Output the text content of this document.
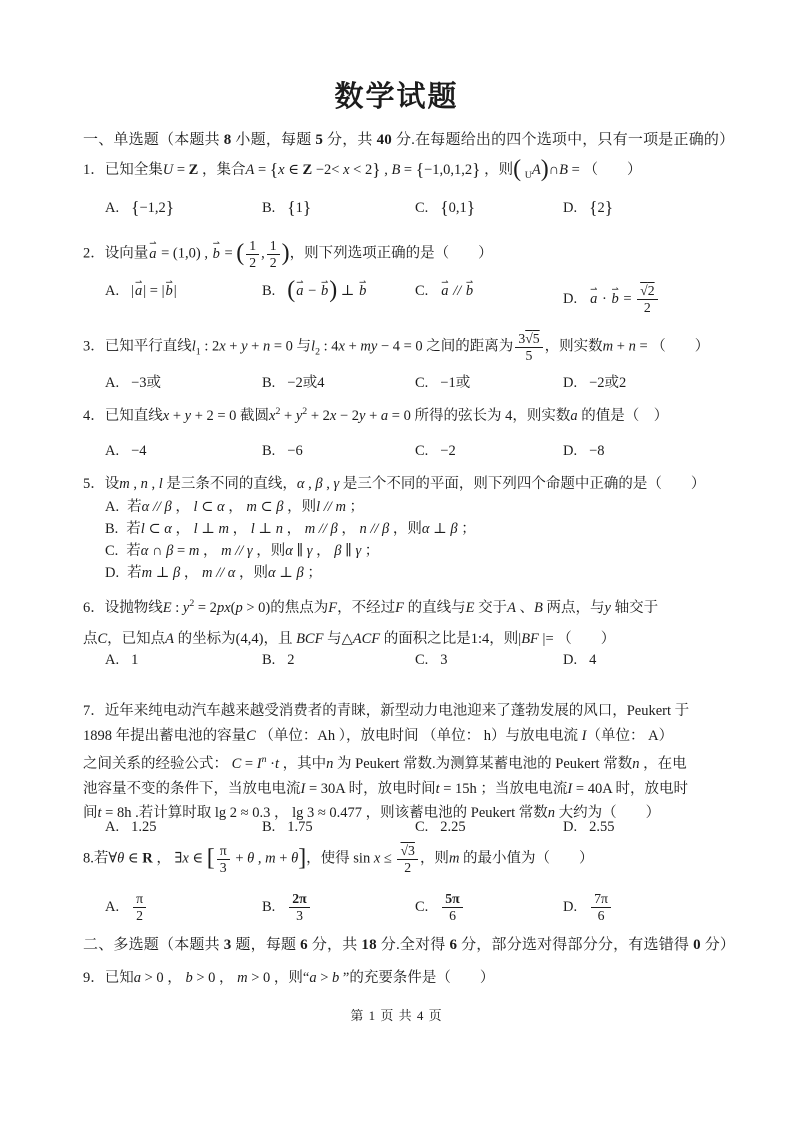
数学试题
一、单选题（本题共 8 小题，每题 5 分，共 40 分.在每题给出的四个选项中，只有一项是正确的）
1．已知全集U = Z ，集合A = {x ∈ Z −2< x < 2} , B = {−1,0,1,2} ，则( $_U$A)∩B = （　　）
A. {−1,2}	B. {1}	C. {0,1}	D. {2}
2．设向量⇀ a = (1,0) , ⇀ b = ( $\frac{1}{2}$ , $\frac{1}{2}$ )，则下列选项正确的是（　　）
A. |⇀ a| = |⇀ b|	B. (⇀ a − ⇀ b) ⊥ ⇀ b	C. ⇀ a // ⇀ b	D. ⇀ a · ⇀ b = √ $\frac{2}{2}$
3．已知平行直线$l_1$ : 2x + y + n = 0 与$l_2$ : 4x + my − 4 = 0 之间的距离为 $\frac{3 √ 5}{5}$ ，则实数m + n = （　　）
A. −3或	B. −2或4	C. −1或	D. −2或2
4．已知直线x + y + 2 = 0 截圆$x^2 + y^2 + 2x - 2y + a = 0$ 所得的弦长为 4，则实数a 的值是（　）
A. −4	B. −6	C. −2	D. −8
5．设m , n , l 是三条不同的直线，α , β , γ 是三个不同的平面，则下列四个命题中正确的是（　　）
A. 若α // β ， l ⊂ α ， m ⊂ β ，则l // m ；
B. 若l ⊂ α ， l ⊥ m ， l ⊥ n ， m // β ， n // β ，则α ⊥ β ；
C. 若α ∩ β = m ， m // γ ，则α ∥ γ ， β ∥ γ ；
D. 若m ⊥ β ， m // α ，则α ⊥ β ；
6．设抛物线E : $y^2 = 2px(p > 0)$的焦点为F，不经过F 的直线与E 交于A 、B 两点，与y 轴交于
点C，已知点A 的坐标为(4,4)，且 BCF 与△ACF 的面积之比是1:4，则|BF |= （　　）
A. 1	B. 2	C. 3	D. 4
7．近年来纯电动汽车越来越受消费者的青睐，新型动力电池迎来了蓬勃发展的风口，Peukert 于
1898 年提出蓄电池的容量C （单位：Ah ），放电时间 （单位： h）与放电电流 I（单位： A）
之间关系的经验公式： $C = I^n \cdot t$ ，其中n 为 Peukert 常数.为测算某蓄电池的 Peukert 常数n ，在电
池容量不变的条件下，当放电电流I = 30A 时，放电时间t = 15h ；当放电电流I = 40A 时，放电时
间t = 8h .若计算时取 lg 2 ≈ 0.3 ， lg 3 ≈ 0.477 ，则该蓄电池的 Peukert 常数n 大约为（　　）
A. 1.25	B. 1.75	C. 2.25	D. 2.55
8.若∀θ ∈ R ， ∃x ∈ [ $\frac{\pi}{3} + \theta$ , m + θ]，使得 sin x ≤ √ $\frac{3}{2}$ ，则m 的最小值为（　　）
A. $\frac{\pi}{2}$	B. $\frac{2\pi}{3}$	C. $\frac{5\pi}{6}$	D. $\frac{7\pi}{6}$
二、多选题（本题共 3 题，每题 6 分，共 18 分.全对得 6 分，部分选对得部分分，有选错得 0 分）
9．已知a > 0 ， b > 0 ， m > 0 ，则“a > b ”的充要条件是（　　）
第 1 页 共 4 页
